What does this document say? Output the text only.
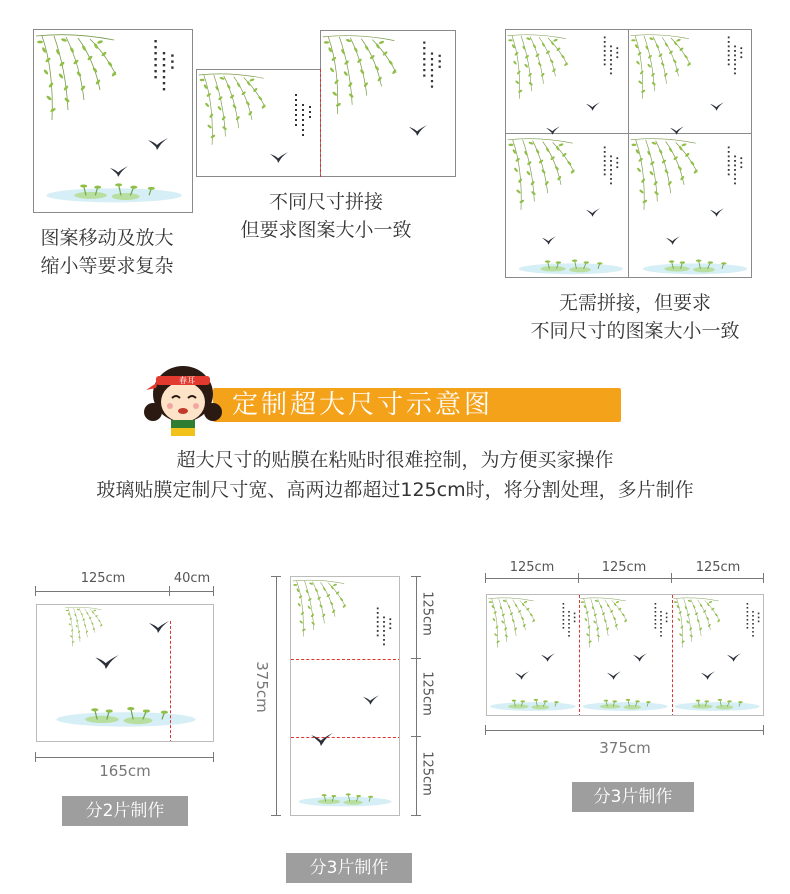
图案移动及放大
缩小等要求复杂
不同尺寸拼接
但要求图案大小一致
无需拼接，但要求
不同尺寸的图案大小一致
定制超大尺寸示意图
春耳
超大尺寸的贴膜在粘贴时很难控制，为方便买家操作
玻璃贴膜定制尺寸宽、高两边都超过125cm时，将分割处理，多片制作
125cm	40cm
165cm
分2片制作
375cm
125cm
125cm
125cm
分3片制作
125cm	125cm	125cm
375cm
分3片制作
